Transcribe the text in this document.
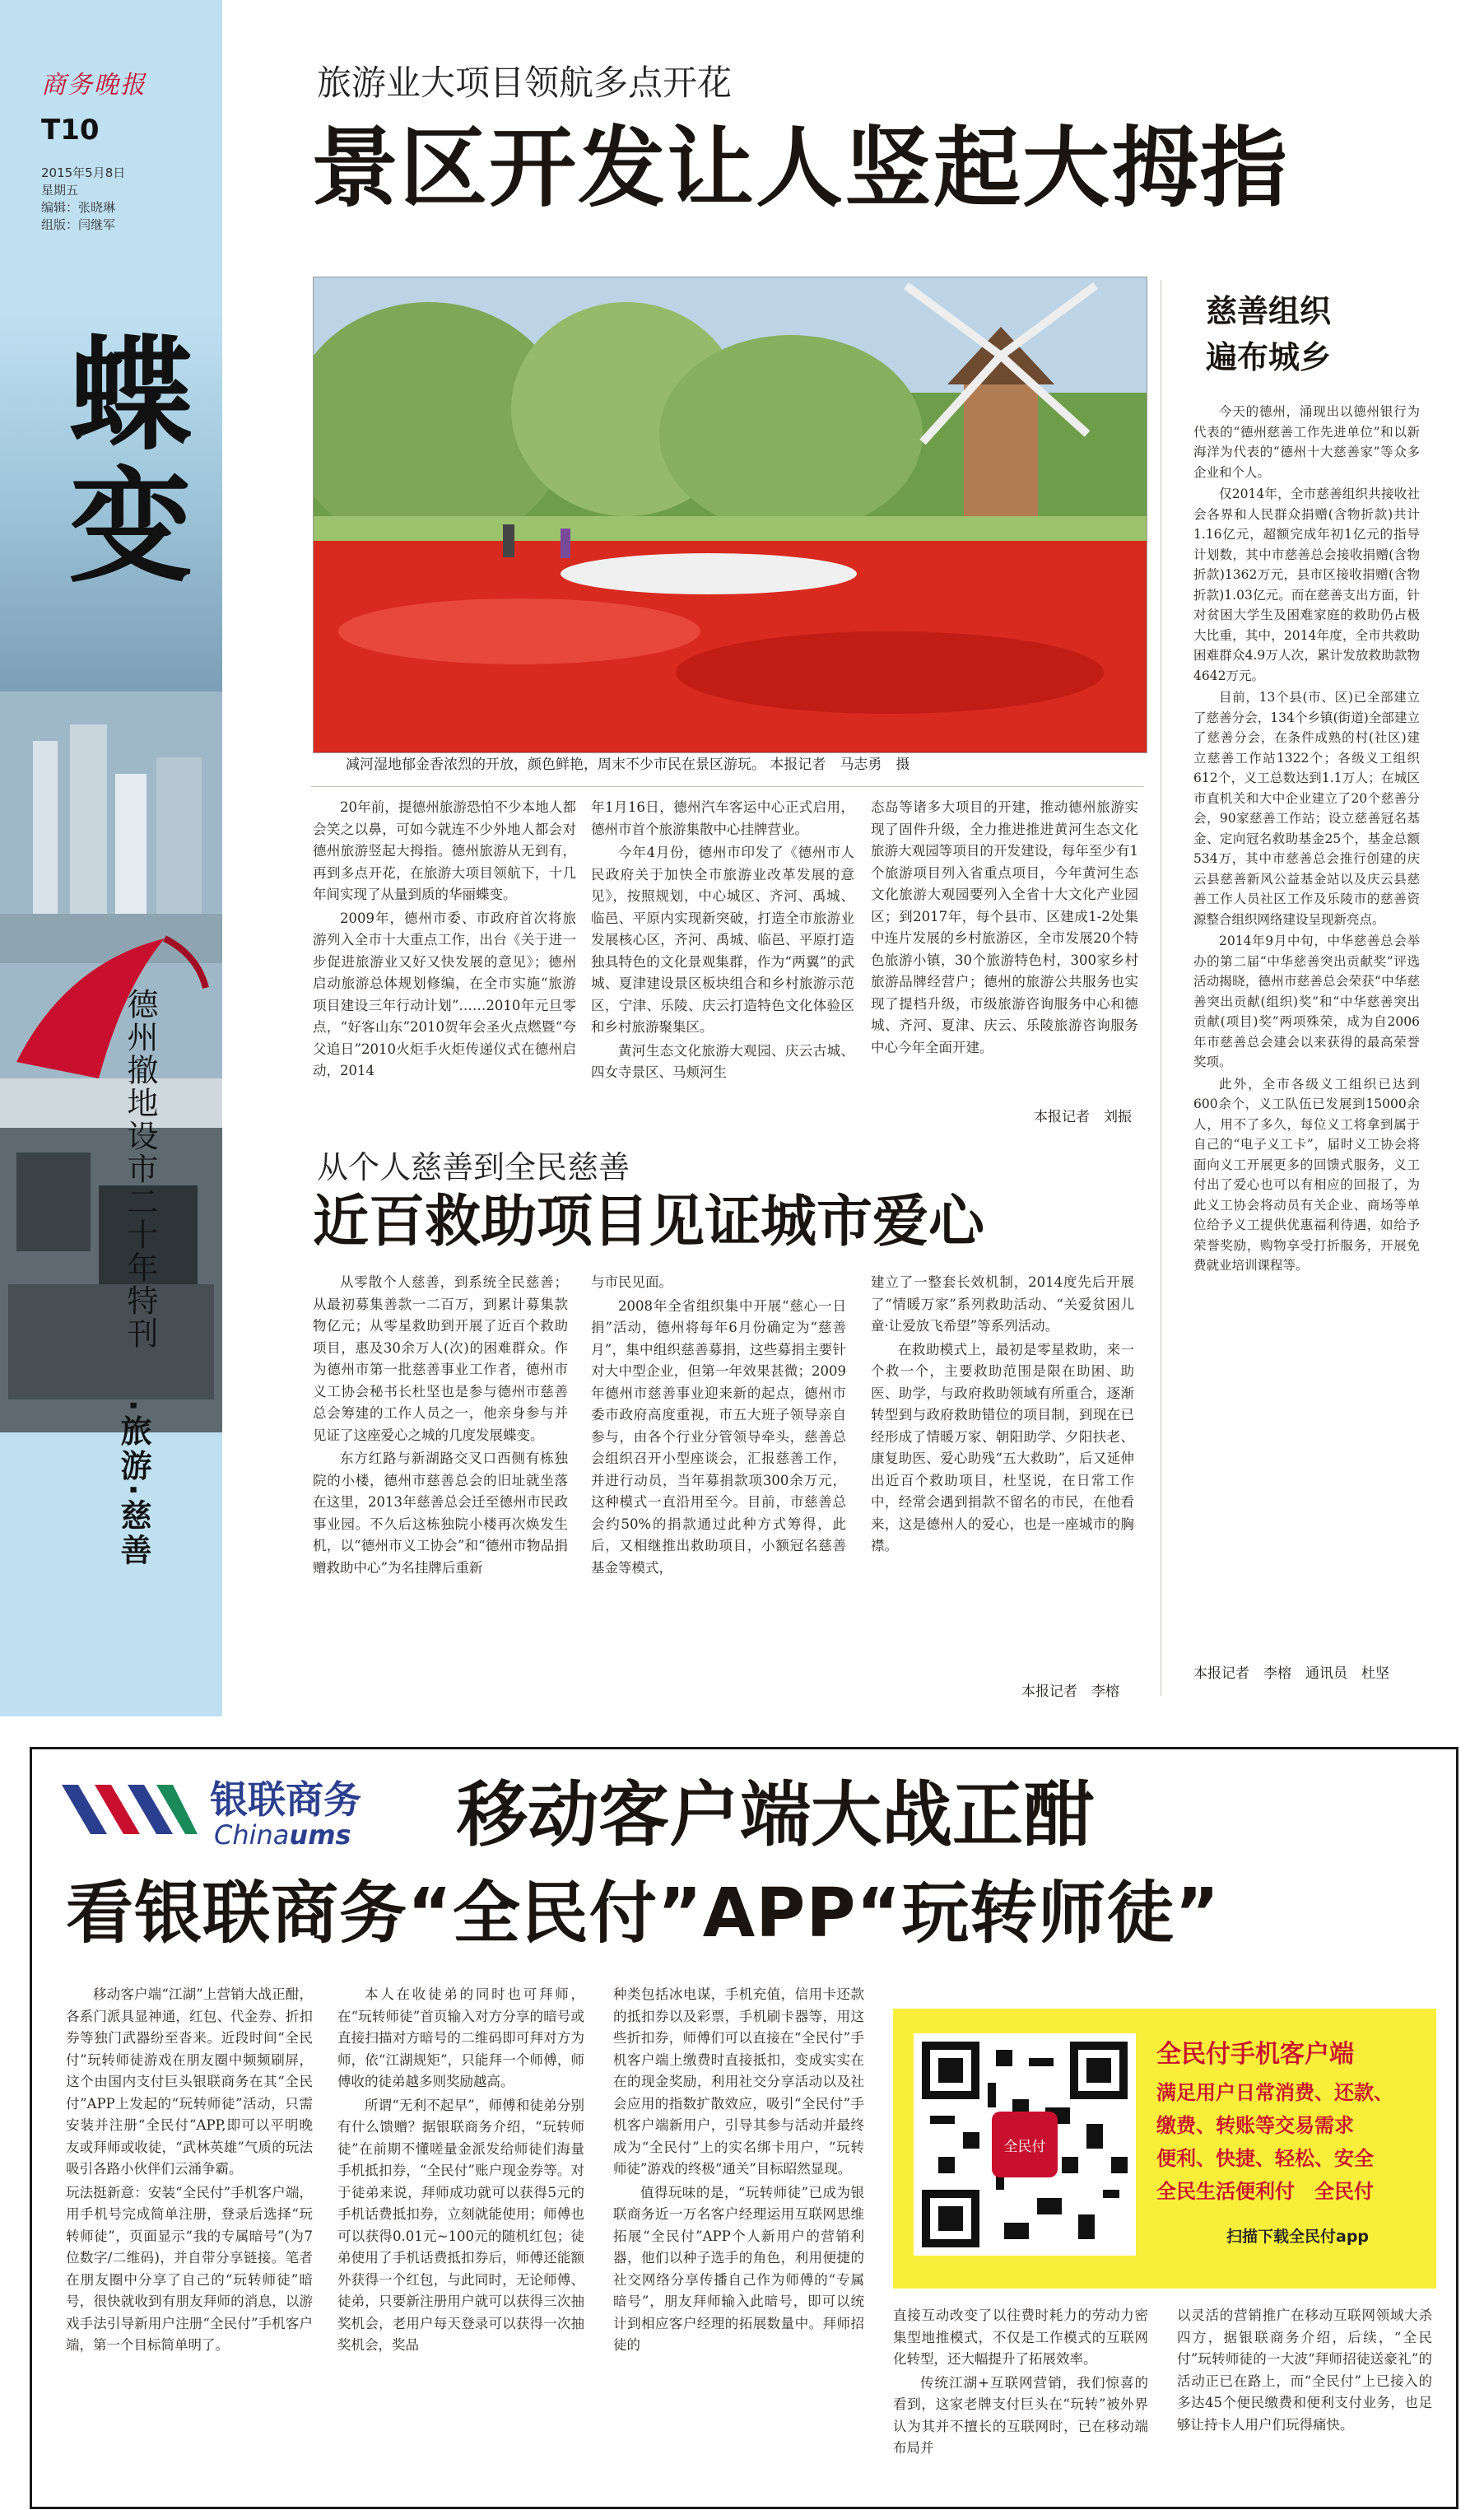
商务晚报
T10
2015年5月8日
星期五
编辑：张晓琳
组版：闫继军
蝶变
德州撤地设市二十年特刊
·旅游·慈善
旅游业大项目领航多点开花
景区开发让人竖起大拇指
减河湿地郁金香浓烈的开放，颜色鲜艳，周末不少市民在景区游玩。 本报记者　马志勇　摄

20年前，提德州旅游恐怕不少本地人都会笑之以鼻，可如今就连不少外地人都会对德州旅游竖起大拇指。德州旅游从无到有，再到多点开花，在旅游大项目领航下，十几年间实现了从量到质的华丽蝶变。

2009年，德州市委、市政府首次将旅游列入全市十大重点工作，出台《关于进一步促进旅游业又好又快发展的意见》；德州启动旅游总体规划修编，在全市实施“旅游项目建设三年行动计划”……2010年元旦零点，“好客山东”2010贺年会圣火点燃暨“夸父追日”2010火炬手火炬传递仪式在德州启动，2014

年1月16日，德州汽车客运中心正式启用，德州市首个旅游集散中心挂牌营业。

今年4月份，德州市印发了《德州市人民政府关于加快全市旅游业改革发展的意见》，按照规划，中心城区、齐河、禹城、临邑、平原内实现新突破，打造全市旅游业发展核心区，齐河、禹城、临邑、平原打造独具特色的文化景观集群，作为“两翼”的武城、夏津建设景区板块组合和乡村旅游示范区，宁津、乐陵、庆云打造特色文化体验区和乡村旅游聚集区。

黄河生态文化旅游大观园、庆云古城、四女寺景区、马颊河生

态岛等诸多大项目的开建，推动德州旅游实现了固件升级，全力推进推进黄河生态文化旅游大观园等项目的开发建设，每年至少有1个旅游项目列入省重点项目，今年黄河生态文化旅游大观园要列入全省十大文化产业园区；到2017年，每个县市、区建成1-2处集中连片发展的乡村旅游区，全市发展20个特色旅游小镇，30个旅游特色村，300家乡村旅游品牌经营户；德州的旅游公共服务也实现了提档升级，市级旅游咨询服务中心和德城、齐河、夏津、庆云、乐陵旅游咨询服务中心今年全面开建。

本报记者　刘振
从个人慈善到全民慈善
近百救助项目见证城市爱心

从零散个人慈善，到系统全民慈善；从最初募集善款一二百万，到累计募集款物亿元；从零星救助到开展了近百个救助项目，惠及30余万人(次)的困难群众。作为德州市第一批慈善事业工作者，德州市义工协会秘书长杜坚也是参与德州市慈善总会筹建的工作人员之一，他亲身参与并见证了这座爱心之城的几度发展蝶变。

东方红路与新湖路交叉口西侧有栋独院的小楼，德州市慈善总会的旧址就坐落在这里，2013年慈善总会迁至德州市民政事业园。不久后这栋独院小楼再次焕发生机，以“德州市义工协会”和“德州市物品捐赠救助中心”为名挂牌后重新

与市民见面。

2008年全省组织集中开展“慈心一日捐”活动，德州将每年6月份确定为“慈善月”，集中组织慈善募捐，这些募捐主要针对大中型企业，但第一年效果甚微；2009年德州市慈善事业迎来新的起点，德州市委市政府高度重视，市五大班子领导亲自参与，由各个行业分管领导牵头，慈善总会组织召开小型座谈会，汇报慈善工作，并进行动员，当年募捐款项300余万元，这种模式一直沿用至今。目前，市慈善总会约50%的捐款通过此种方式筹得，此后，又相继推出救助项目，小额冠名慈善基金等模式，

建立了一整套长效机制，2014度先后开展了“情暖万家”系列救助活动、“关爱贫困儿童·让爱放飞希望”等系列活动。

在救助模式上，最初是零星救助，来一个救一个，主要救助范围是限在助困、助医、助学，与政府救助领域有所重合，逐渐转型到与政府救助错位的项目制，到现在已经形成了情暖万家、朝阳助学、夕阳扶老、康复助医、爱心助残“五大救助”，后又延伸出近百个救助项目，杜坚说，在日常工作中，经常会遇到捐款不留名的市民，在他看来，这是德州人的爱心，也是一座城市的胸襟。

本报记者　李榕
慈善组织
遍布城乡

今天的德州，涌现出以德州银行为代表的“德州慈善工作先进单位”和以新海洋为代表的“德州十大慈善家”等众多企业和个人。

仅2014年，全市慈善组织共接收社会各界和人民群众捐赠(含物折款)共计1.16亿元，超额完成年初1亿元的指导计划数，其中市慈善总会接收捐赠(含物折款)1362万元，县市区接收捐赠(含物折款)1.03亿元。而在慈善支出方面，针对贫困大学生及困难家庭的救助仍占极大比重，其中，2014年度，全市共救助困难群众4.9万人次，累计发放救助款物4642万元。

目前，13个县(市、区)已全部建立了慈善分会，134个乡镇(街道)全部建立了慈善分会，在条件成熟的村(社区)建立慈善工作站1322个；各级义工组织612个，义工总数达到1.1万人；在城区市直机关和大中企业建立了20个慈善分会，90家慈善工作站；设立慈善冠名基金、定向冠名救助基金25个，基金总额534万，其中市慈善总会推行创建的庆云县慈善新风公益基金站以及庆云县慈善工作人员社区工作及乐陵市的慈善资源整合组织网络建设呈现新亮点。

2014年9月中旬，中华慈善总会举办的第二届“中华慈善突出贡献奖”评选活动揭晓，德州市慈善总会荣获“中华慈善突出贡献(组织)奖”和“中华慈善突出贡献(项目)奖”两项殊荣，成为自2006年市慈善总会建会以来获得的最高荣誉奖项。

此外，全市各级义工组织已达到600余个，义工队伍已发展到15000余人，用不了多久，每位义工将拿到属于自己的“电子义工卡”，届时义工协会将面向义工开展更多的回馈式服务，义工付出了爱心也可以有相应的回报了，为此义工协会将动员有关企业、商场等单位给予义工提供优惠福利待遇，如给予荣誉奖励，购物享受打折服务，开展免费就业培训课程等。

本报记者　李榕　通讯员　杜坚
银联商务
Chinaums 移动客户端大战正酣
看银联商务“全民付”APP“玩转师徒”

移动客户端“江湖”上营销大战正酣，各系门派具显神通，红包、代金券、折扣券等独门武器纷至沓来。近段时间“全民付”玩转师徒游戏在朋友圈中频频刷屏，这个由国内支付巨头银联商务在其“全民付”APP上发起的“玩转师徒”活动，只需安装并注册“全民付”APP,即可以平明晚友或拜师或收徒，“武林英雄”气质的玩法吸引各路小伙伴们云涌争霸。

玩法挺新意：安装“全民付”手机客户端，用手机号完成简单注册，登录后选择“玩转师徒”，页面显示“我的专属暗号”(为7位数字/二维码)，并自带分享链接。笔者在朋友圈中分享了自己的“玩转师徒”暗号，很快就收到有朋友拜师的消息，以游戏手法引导新用户注册“全民付”手机客户端，第一个目标简单明了。

本人在收徒弟的同时也可拜师，在“玩转师徒”首页输入对方分享的暗号或直接扫描对方暗号的二维码即可拜对方为师，依“江湖规矩”，只能拜一个师傅，师傅收的徒弟越多则奖励越高。

所谓“无利不起早”，师傅和徒弟分别有什么馈赠？据银联商务介绍，“玩转师徒”在前期不懂嗟量金派发给师徒们海量手机抵扣券，“全民付”账户现金券等。对于徒弟来说，拜师成功就可以获得5元的手机话费抵扣券，立刻就能使用；师傅也可以获得0.01元~100元的随机红包；徒弟使用了手机话费抵扣券后，师傅还能额外获得一个红包，与此同时，无论师傅、徒弟，只要新注册用户就可以获得三次抽奖机会，老用户每天登录可以获得一次抽奖机会，奖品

种类包括冰电谋，手机充值，信用卡还款的抵扣券以及彩票，手机刷卡器等，用这些折扣券，师傅们可以直接在“全民付”手机客户端上缴费时直接抵扣，变成实实在在的现金奖励，利用社交分享活动以及社会应用的指数扩散效应，吸引“全民付”手机客户端新用户，引导其参与活动并最终成为“全民付”上的实名绑卡用户，“玩转师徒”游戏的终极“通关”目标昭然显现。

值得玩味的是，“玩转师徒”已成为银联商务近一万名客户经理运用互联网思维拓展“全民付”APP个人新用户的营销利器，他们以种子选手的角色，利用便捷的社交网络分享传播自己作为师傅的“专属暗号”，朋友拜师输入此暗号，即可以统计到相应客户经理的拓展数量中。拜师招徒的

全民付
全民付手机客户端
满足用户日常消费、还款、
缴费、转账等交易需求
便利、快捷、轻松、安全
全民生活便利付　全民付
扫描下载全民付app

直接互动改变了以往费时耗力的劳动力密集型地推模式，不仅是工作模式的互联网化转型，还大幅提升了拓展效率。

传统江湖+互联网营销，我们惊喜的看到，这家老牌支付巨头在“玩转”被外界认为其并不擅长的互联网时，已在移动端布局并

以灵活的营销推广在移动互联网领域大杀四方，据银联商务介绍，后续，“全民付”玩转师徒的一大波“拜师招徒送豪礼”的活动正已在路上，而“全民付”上已接入的多达45个便民缴费和便利支付业务，也足够让持卡人用户们玩得痛快。
